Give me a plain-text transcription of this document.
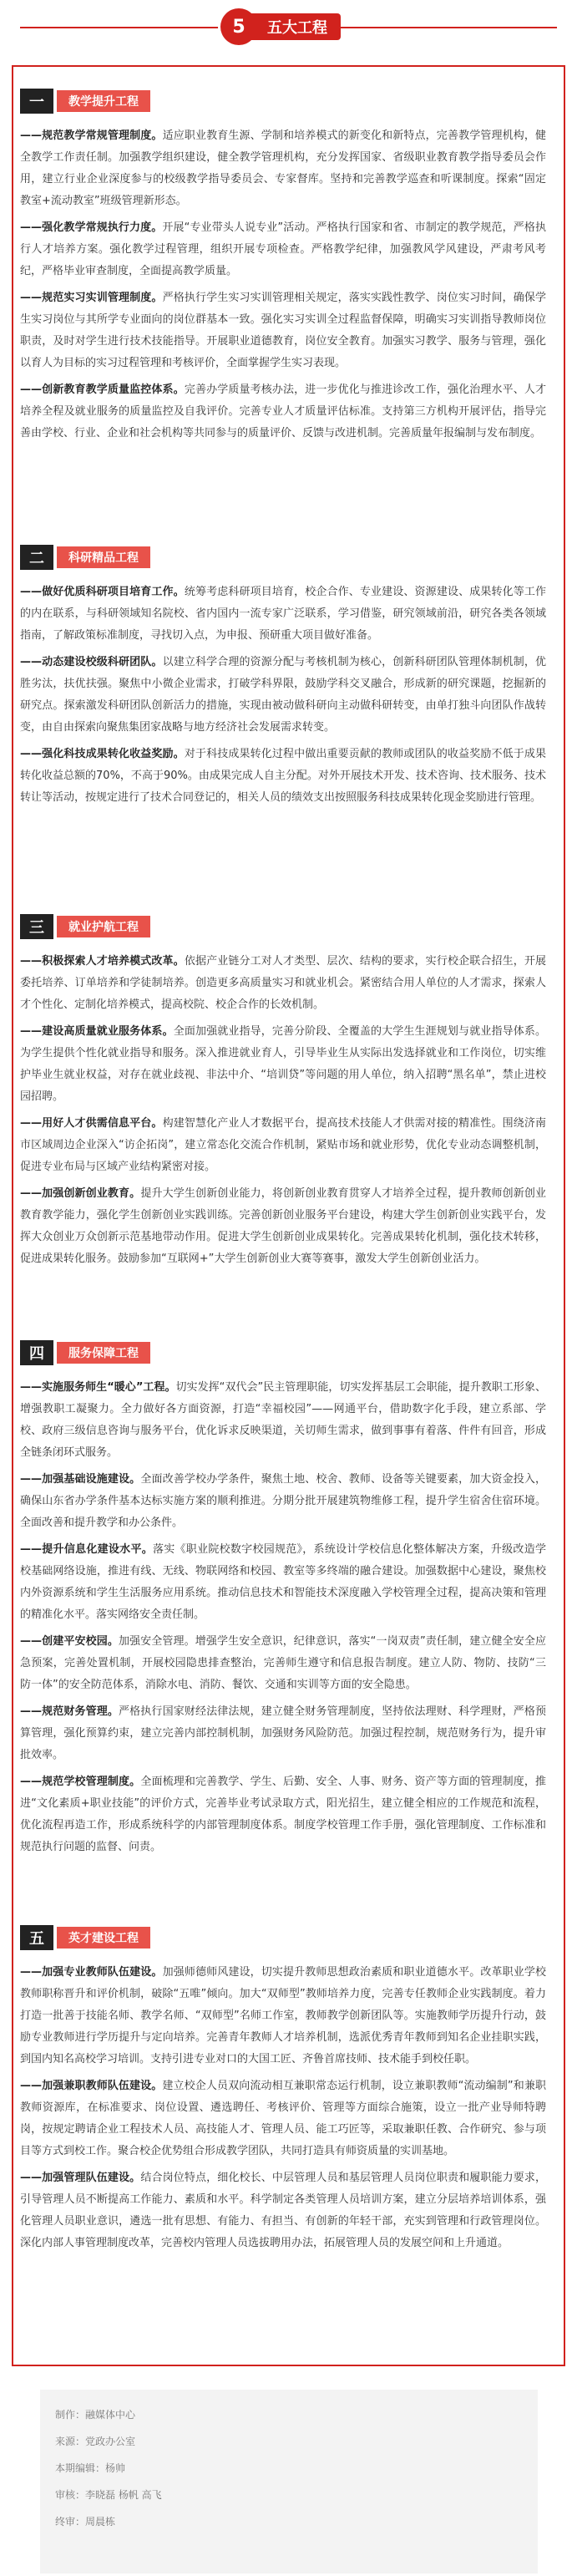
5	五大工程
一	教学提升工程

——规范教学常规管理制度。适应职业教育生源、学制和培养模式的新变化和新特点，完善教学管理机构，健全教学工作责任制。加强教学组织建设，健全教学管理机构，充分发挥国家、省级职业教育教学指导委员会作用，建立行业企业深度参与的校级教学指导委员会、专家督库。坚持和完善教学巡查和听课制度。探索“固定教室+流动教室”班级管理新形态。

——强化教学常规执行力度。开展“专业带头人说专业”活动。严格执行国家和省、市制定的教学规范，严格执行人才培养方案。强化教学过程管理，组织开展专项检查。严格教学纪律，加强教风学风建设，严肃考风考纪，严格毕业审查制度，全面提高教学质量。

——规范实习实训管理制度。严格执行学生实习实训管理相关规定，落实实践性教学、岗位实习时间，确保学生实习岗位与其所学专业面向的岗位群基本一致。强化实习实训全过程监督保障，明确实习实训指导教师岗位职责，及时对学生进行技术技能指导。开展职业道德教育，岗位安全教育。加强实习教学、服务与管理，强化以育人为目标的实习过程管理和考核评价，全面掌握学生实习表现。

——创新教育教学质量监控体系。完善办学质量考核办法，进一步优化与推进诊改工作，强化治理水平、人才培养全程及就业服务的质量监控及自我评价。完善专业人才质量评估标准。支持第三方机构开展评估，指导完善由学校、行业、企业和社会机构等共同参与的质量评价、反馈与改进机制。完善质量年报编制与发布制度。

二	科研精品工程

——做好优质科研项目培育工作。统筹考虑科研项目培育，校企合作、专业建设、资源建设、成果转化等工作的内在联系，与科研领域知名院校、省内国内一流专家广泛联系，学习借鉴，研究领域前沿，研究各类各领域指南，了解政策标准制度，寻找切入点，为申报、预研重大项目做好准备。

——动态建设校级科研团队。以建立科学合理的资源分配与考核机制为核心，创新科研团队管理体制机制，优胜劣汰，扶优扶强。聚焦中小微企业需求，打破学科界限，鼓励学科交叉融合，形成新的研究课题，挖掘新的研究点。探索激发科研团队创新活力的措施，实现由被动做科研向主动做科研转变，由单打独斗向团队作战转变，由自由探索向聚焦集团家战略与地方经济社会发展需求转变。

——强化科技成果转化收益奖励。对于科技成果转化过程中做出重要贡献的教师或团队的收益奖励不低于成果转化收益总额的70%，不高于90%。由成果完成人自主分配。对外开展技术开发、技术咨询、技术服务、技术转让等活动，按规定进行了技术合同登记的，相关人员的绩效支出按照服务科技成果转化现金奖励进行管理。

三	就业护航工程

——积极探索人才培养模式改革。依据产业链分工对人才类型、层次、结构的要求，实行校企联合招生，开展委托培养、订单培养和学徒制培养。创造更多高质量实习和就业机会。紧密结合用人单位的人才需求，探索人才个性化、定制化培养模式，提高校院、校企合作的长效机制。

——建设高质量就业服务体系。全面加强就业指导，完善分阶段、全覆盖的大学生生涯规划与就业指导体系。为学生提供个性化就业指导和服务。深入推进就业育人，引导毕业生从实际出发选择就业和工作岗位，切实维护毕业生就业权益，对存在就业歧视、非法中介、“培训贷”等问题的用人单位，纳入招聘“黑名单”，禁止进校园招聘。

——用好人才供需信息平台。构建智慧化产业人才数据平台，提高技术技能人才供需对接的精准性。围绕济南市区域周边企业深入“访企拓岗”，建立常态化交流合作机制，紧贴市场和就业形势，优化专业动态调整机制，促进专业布局与区域产业结构紧密对接。

——加强创新创业教育。提升大学生创新创业能力，将创新创业教育贯穿人才培养全过程，提升教师创新创业教育教学能力，强化学生创新创业实践训练。完善创新创业服务平台建设，构建大学生创新创业实践平台，发挥大众创业万众创新示范基地带动作用。促进大学生创新创业成果转化。完善成果转化机制，强化技术转移，促进成果转化服务。鼓励参加“互联网+”大学生创新创业大赛等赛事，激发大学生创新创业活力。

四	服务保障工程

——实施服务师生“暖心”工程。切实发挥“双代会”民主管理职能，切实发挥基层工会职能，提升教职工形象、增强教职工凝聚力。全力做好各方面资源，打造“幸福校园”——网通平台，借助数字化手段，建立系部、学校、政府三级信息咨询与服务平台，优化诉求反映渠道，关切师生需求，做到事事有着落、件件有回音，形成全链条闭环式服务。

——加强基础设施建设。全面改善学校办学条件，聚焦土地、校舍、教师、设备等关键要素，加大资金投入，确保山东省办学条件基本达标实施方案的顺利推进。分期分批开展建筑物维修工程，提升学生宿舍住宿环境。全面改善和提升教学和办公条件。

——提升信息化建设水平。落实《职业院校数字校园规范》，系统设计学校信息化整体解决方案，升级改造学校基础网络设施，推进有线、无线、物联网络和校园、教室等多终端的融合建设。加强数据中心建设，聚焦校内外资源系统和学生生活服务应用系统。推动信息技术和智能技术深度融入学校管理全过程，提高决策和管理的精准化水平。落实网络安全责任制。

——创建平安校园。加强安全管理。增强学生安全意识，纪律意识，落实“一岗双责”责任制，建立健全安全应急预案，完善处置机制，开展校园隐患排查整治，完善师生遵守和信息报告制度。建立人防、物防、技防“三防一体”的安全防范体系，消除水电、消防、餐饮、交通和实训等方面的安全隐患。

——规范财务管理。严格执行国家财经法律法规，建立健全财务管理制度，坚持依法理财、科学理财，严格预算管理，强化预算约束，建立完善内部控制机制，加强财务风险防范。加强过程控制，规范财务行为，提升审批效率。

——规范学校管理制度。全面梳理和完善教学、学生、后勤、安全、人事、财务、资产等方面的管理制度，推进“文化素质+职业技能”的评价方式，完善毕业考试录取方式，阳光招生，建立健全相应的工作规范和流程，优化流程再造工作，形成系统科学的内部管理制度体系。制度学校管理工作手册，强化管理制度、工作标准和规范执行问题的监督、问责。

五	英才建设工程

——加强专业教师队伍建设。加强师德师风建设，切实提升教师思想政治素质和职业道德水平。改革职业学校教师职称晋升和评价机制，破除“五唯”倾向。加大“双师型”教师培养力度，完善专任教师企业实践制度。着力打造一批善于技能名师、教学名师、“双师型”名师工作室，教师教学创新团队等。实施教师学历提升行动，鼓励专业教师进行学历提升与定向培养。完善青年教师人才培养机制，选派优秀青年教师到知名企业挂职实践，到国内知名高校学习培训。支持引进专业对口的大国工匠、齐鲁首席技师、技术能手到校任职。

——加强兼职教师队伍建设。建立校企人员双向流动相互兼职常态运行机制，设立兼职教师“流动编制”和兼职教师资源库，在标准要求、岗位设置、遴选聘任、考核评价、管理等方面综合施策，设立一批产业导师特聘岗，按规定聘请企业工程技术人员、高技能人才、管理人员、能工巧匠等，采取兼职任教、合作研究、参与项目等方式到校工作。聚合校企优势组合形成教学团队，共同打造具有师资质量的实训基地。

——加强管理队伍建设。结合岗位特点，细化校长、中层管理人员和基层管理人员岗位职责和履职能力要求，引导管理人员不断提高工作能力、素质和水平。科学制定各类管理人员培训方案，建立分层培养培训体系，强化管理人员职业意识，遴选一批有思想、有能力、有担当、有创新的年轻干部，充实到管理和行政管理岗位。深化内部人事管理制度改革，完善校内管理人员选拔聘用办法，拓展管理人员的发展空间和上升通道。

制作：融媒体中心
来源：党政办公室
本期编辑：杨帅
审核：李晓磊 杨帆 高飞
终审：周晨栋
